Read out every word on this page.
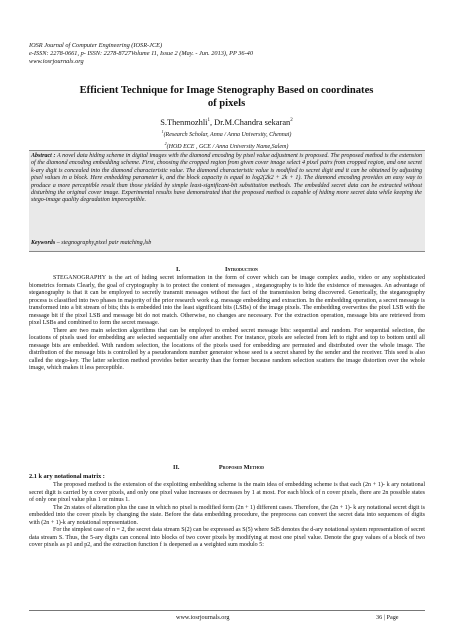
IOSR Journal of Computer Engineering (IOSR-JCE)
e-ISSN: 2278-0661, p- ISSN: 2278-8727Volume 11, Issue 2 (May. - Jun. 2013), PP 36-40
www.iosrjournals.org
Efficient Technique for Image Stenography Based on coordinates
of pixels
S.Thenmozhli$^1$, Dr.M.Chandra sekaran$^2$
$^1$(Research Scholar, Anna / Anna University, Chennai)
$^2$(HOD ECE , GCE / Anna University Name,Salem)
Abstract : A novel data hiding scheme in digital images with the diamond encoding by pixel value adjustment is proposed. The proposed method is the extension of the diamond encoding embedding scheme. First, choosing the cropped region from given cover image select 4 pixel pairs from cropped region, and one secret k-ary digit is concealed into the diamond characteristic value. The diamond characteristic value is modified to secret digit and it can be obtained by adjusting pixel values in a block. Here embedding parameter k, and the block capacity is equal to log2(2k2 + 2k + 1). The diamond encoding provides an easy way to produce a more perceptible result than those yielded by simple least-significant-bit substitution methods. The embedded secret data can be extracted without disturbing the original cover image. Experimental results have demonstrated that the proposed method is capable of hiding more secret data while keeping the stego-image quality degradation imperceptible.
Keywords – stegnography,pixel pair matching,lsb
I.	Introduction

STEGANOGRAPHY is the art of hiding secret information in the form of cover which can be image complex audio, video or any sophisticated biometrics formats Clearly, the goal of cryptography is to protect the content of messages , steganography is to hide the existence of messages. An advantage of steganography is that it can be employed to secretly transmit messages without the fact of the transmission being discovered. Generically, the steganography process is classified into two phases in majority of the prior research work e.g. message embedding and extraction. In the embedding operation, a secret message is transformed into a bit stream of bits; this is embedded into the least significant bits (LSBs) of the image pixels. The embedding overwrites the pixel LSB with the message bit if the pixel LSB and message bit do not match. Otherwise, no changes are necessary. For the extraction operation, message bits are retrieved from pixel LSBs and combined to form the secret message.

There are two main selection algorithms that can be employed to embed secret message bits: sequential and random. For sequential selection, the locations of pixels used for embedding are selected sequentially one after another. For instance, pixels are selected from left to right and top to bottom until all message bits are embedded. With random selection, the locations of the pixels used for embedding are permuted and distributed over the whole image. The distribution of the message bits is controlled by a pseudorandom number generator whose seed is a secret shared by the sender and the receiver. This seed is also called the stego-key. The latter selection method provides better security than the former because random selection scatters the image distortion over the whole image, which makes it less perceptible.

II.	Proposed Method
2.1 k ary notational matrix :

The proposed method is the extension of the exploiting embedding scheme is the main idea of embedding scheme is that each (2n + 1)- k ary notational secret digit is carried by n cover pixels, and only one pixel value increases or decreases by 1 at most. For each block of n cover pixels, there are 2n possible states of only one pixel value plus 1 or minus 1.

The 2n states of alteration plus the case in which no pixel is modified form (2n + 1) different cases. Therefore, the (2n + 1)- k ary notational secret digit is embedded into the cover pixels by changing the state. Before the data embedding procedure, the preprocess can convert the secret data into sequences of digits with (2n + 1)-k ary notational representation.

For the simplest case of n = 2, the secret data stream S(2) can be expressed as S(5) where Sd5 denotes the d-ary notational system representation of secret data stream S. Thus, the 5-ary digits can conceal into blocks of two cover pixels by modifying at most one pixel value. Denote the gray values of a block of two cover pixels as p1 and p2, and the extraction function f is deepened as a weighted sum modulo 5:

www.iosrjournals.org	36 | Page
